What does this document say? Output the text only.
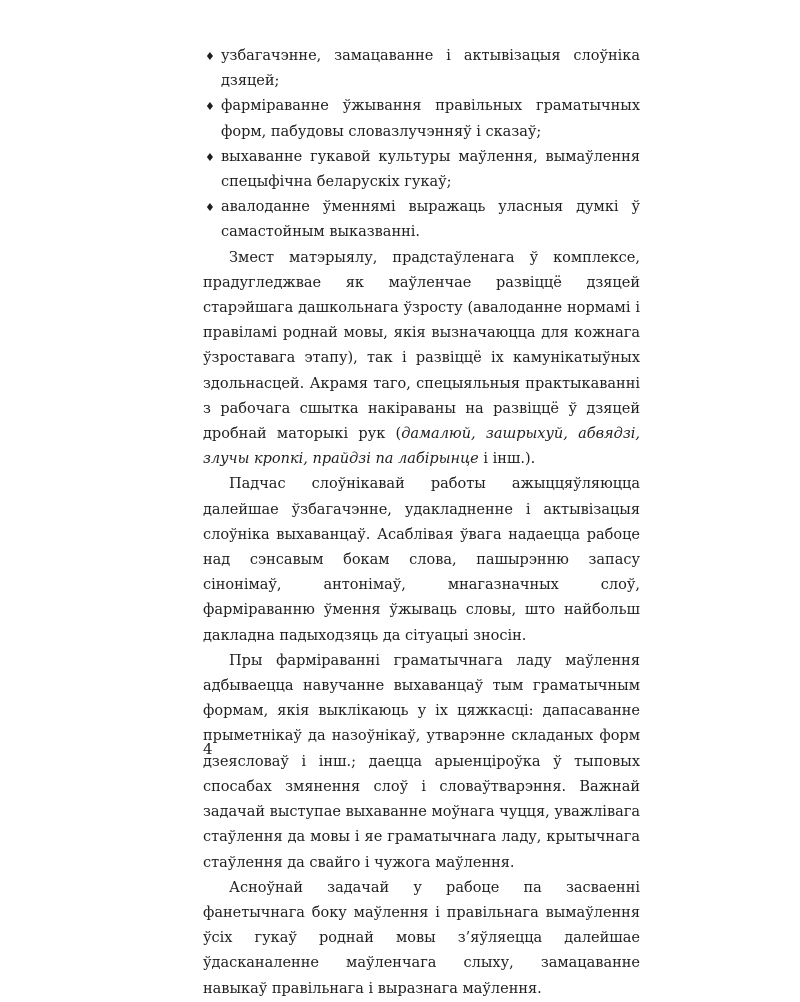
♦ узбагачэнне, замацаванне і актывізацыя слоўніка дзяцей;
♦ фарміраванне ўжывання правільных граматычных форм, пабудовы словазлучэнняў і сказаў;
♦ выхаванне гукавой культуры маўлення, вымаўлення спецыфічна беларускіх гукаў;
♦ авалоданне ўменнямі выражаць уласныя думкі ў самастойным выказванні.

Змест матэрыялу, прадстаўленага ў комплексе, прадугледжвае як маўленчае развіццё дзяцей старэйшага дашкольнага ўзросту (авалоданне нормамі і правіламі роднай мовы, якія вызначаюцца для кожнага ўзроставага этапу), так і развіццё іх камунікатыўных здольнасцей. Акрамя таго, спецыяльныя практыкаванні з рабочага сшытка накіраваны на развіццё ў дзяцей дробнай маторыкі рук (дамалюй, зашрыхуй, абвядзі, злучы кропкі, прайдзі па лабірынце і інш.).

Падчас слоўнікавай работы ажыццяўляюцца далейшае ўзбагачэнне, удакладненне і актывізацыя слоўніка выхаванцаў. Асаблівая ўвага надаецца рабоце над сэнсавым бокам слова, пашырэнню запасу сінонімаў, антонімаў, мнагазначных слоў, фарміраванню ўмення ўжываць словы, што найбольш дакладна падыходзяць да сітуацыі зносін.

Пры фарміраванні граматычнага ладу маўлення адбываецца навучанне выхаванцаў тым граматычным формам, якія выклікаюць у іх цяжкасці: дапасаванне прыметнікаў да назоўнікаў, утварэнне складаных форм дзеясловаў і інш.; даецца арыенціроўка ў тыповых спосабах змянення слоў і словаўтварэння. Важнай задачай выступае выхаванне моўнага чуцця, уважлівага стаўлення да мовы і яе граматычнага ладу, крытычнага стаўлення да свайго і чужога маўлення.

Асноўнай задачай у рабоце па засваенні фанетычнага боку маўлення і правільнага вымаўлення ўсіх гукаў роднай мовы з’яўляецца далейшае ўдасканаленне маўленчага слыху, замацаванне навыкаў правільнага і выразнага маўлення.

4
